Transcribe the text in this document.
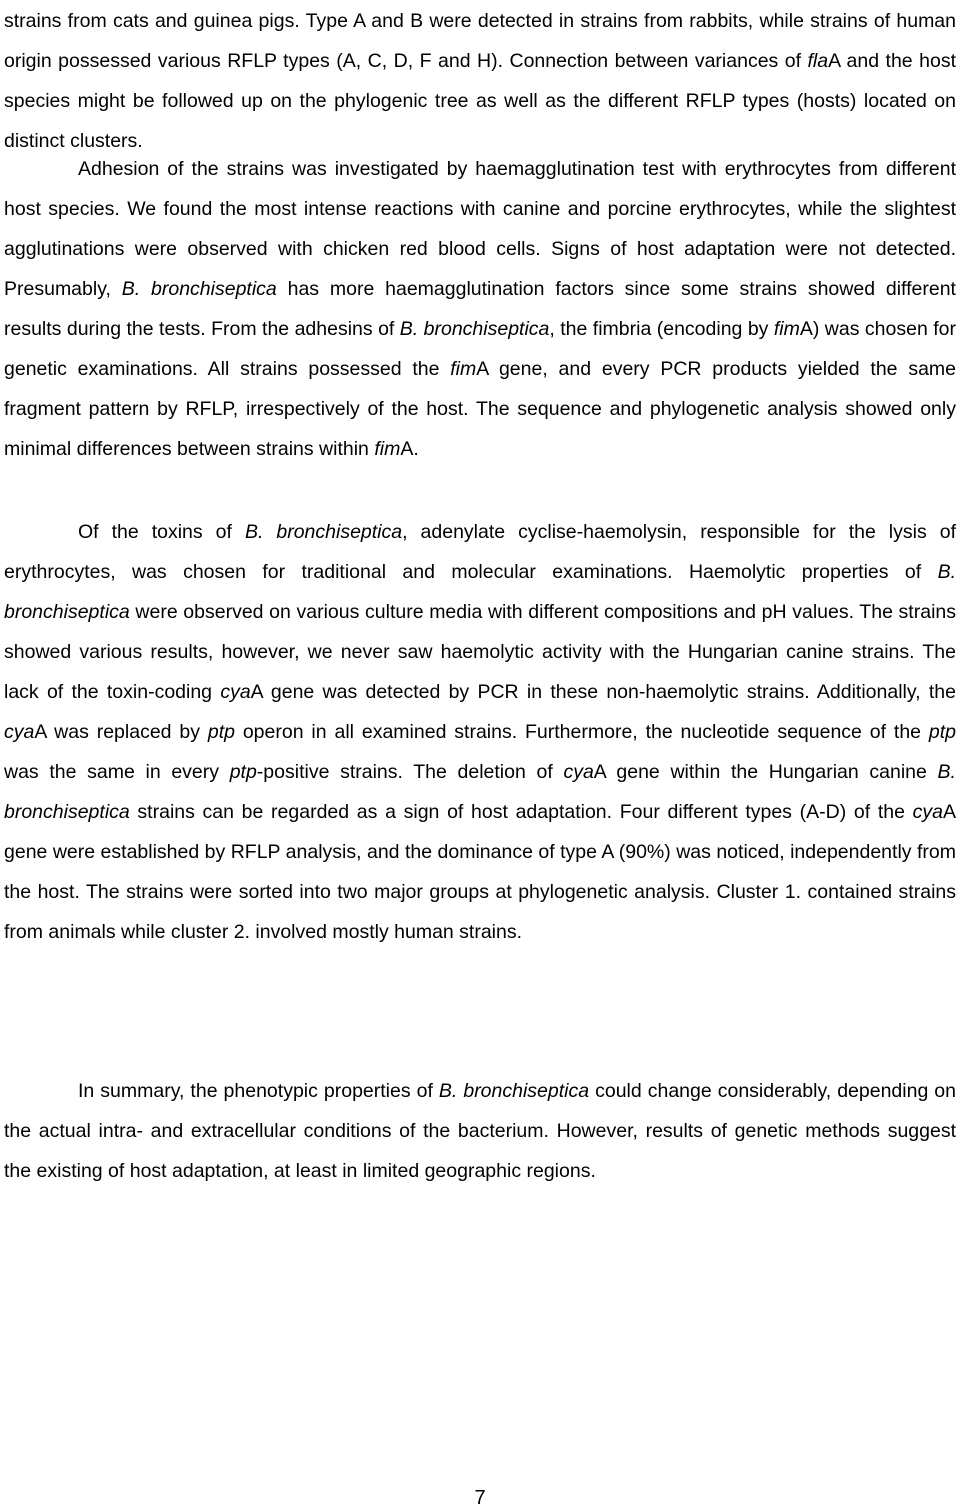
strains from cats and guinea pigs. Type A and B were detected in strains from rabbits, while strains of human origin possessed various RFLP types (A, C, D, F and H). Connection between variances of flaA and the host species might be followed up on the phylogenic tree as well as the different RFLP types (hosts) located on distinct clusters.

Adhesion of the strains was investigated by haemagglutination test with erythrocytes from different host species. We found the most intense reactions with canine and porcine erythrocytes, while the slightest agglutinations were observed with chicken red blood cells. Signs of host adaptation were not detected. Presumably, B. bronchiseptica has more haemagglutination factors since some strains showed different results during the tests. From the adhesins of B. bronchiseptica, the fimbria (encoding by fimA) was chosen for genetic examinations. All strains possessed the fimA gene, and every PCR products yielded the same fragment pattern by RFLP, irrespectively of the host. The sequence and phylogenetic analysis showed only minimal differences between strains within fimA.

Of the toxins of B. bronchiseptica, adenylate cyclise-haemolysin, responsible for the lysis of erythrocytes, was chosen for traditional and molecular examinations. Haemolytic properties of B. bronchiseptica were observed on various culture media with different compositions and pH values. The strains showed various results, however, we never saw haemolytic activity with the Hungarian canine strains. The lack of the toxin-coding cyaA gene was detected by PCR in these non-haemolytic strains. Additionally, the cyaA was replaced by ptp operon in all examined strains. Furthermore, the nucleotide sequence of the ptp was the same in every ptp-positive strains. The deletion of cyaA gene within the Hungarian canine B. bronchiseptica strains can be regarded as a sign of host adaptation. Four different types (A-D) of the cyaA gene were established by RFLP analysis, and the dominance of type A (90%) was noticed, independently from the host. The strains were sorted into two major groups at phylogenetic analysis. Cluster 1. contained strains from animals while cluster 2. involved mostly human strains.

In summary, the phenotypic properties of B. bronchiseptica could change considerably, depending on the actual intra- and extracellular conditions of the bacterium. However, results of genetic methods suggest the existing of host adaptation, at least in limited geographic regions.

7
